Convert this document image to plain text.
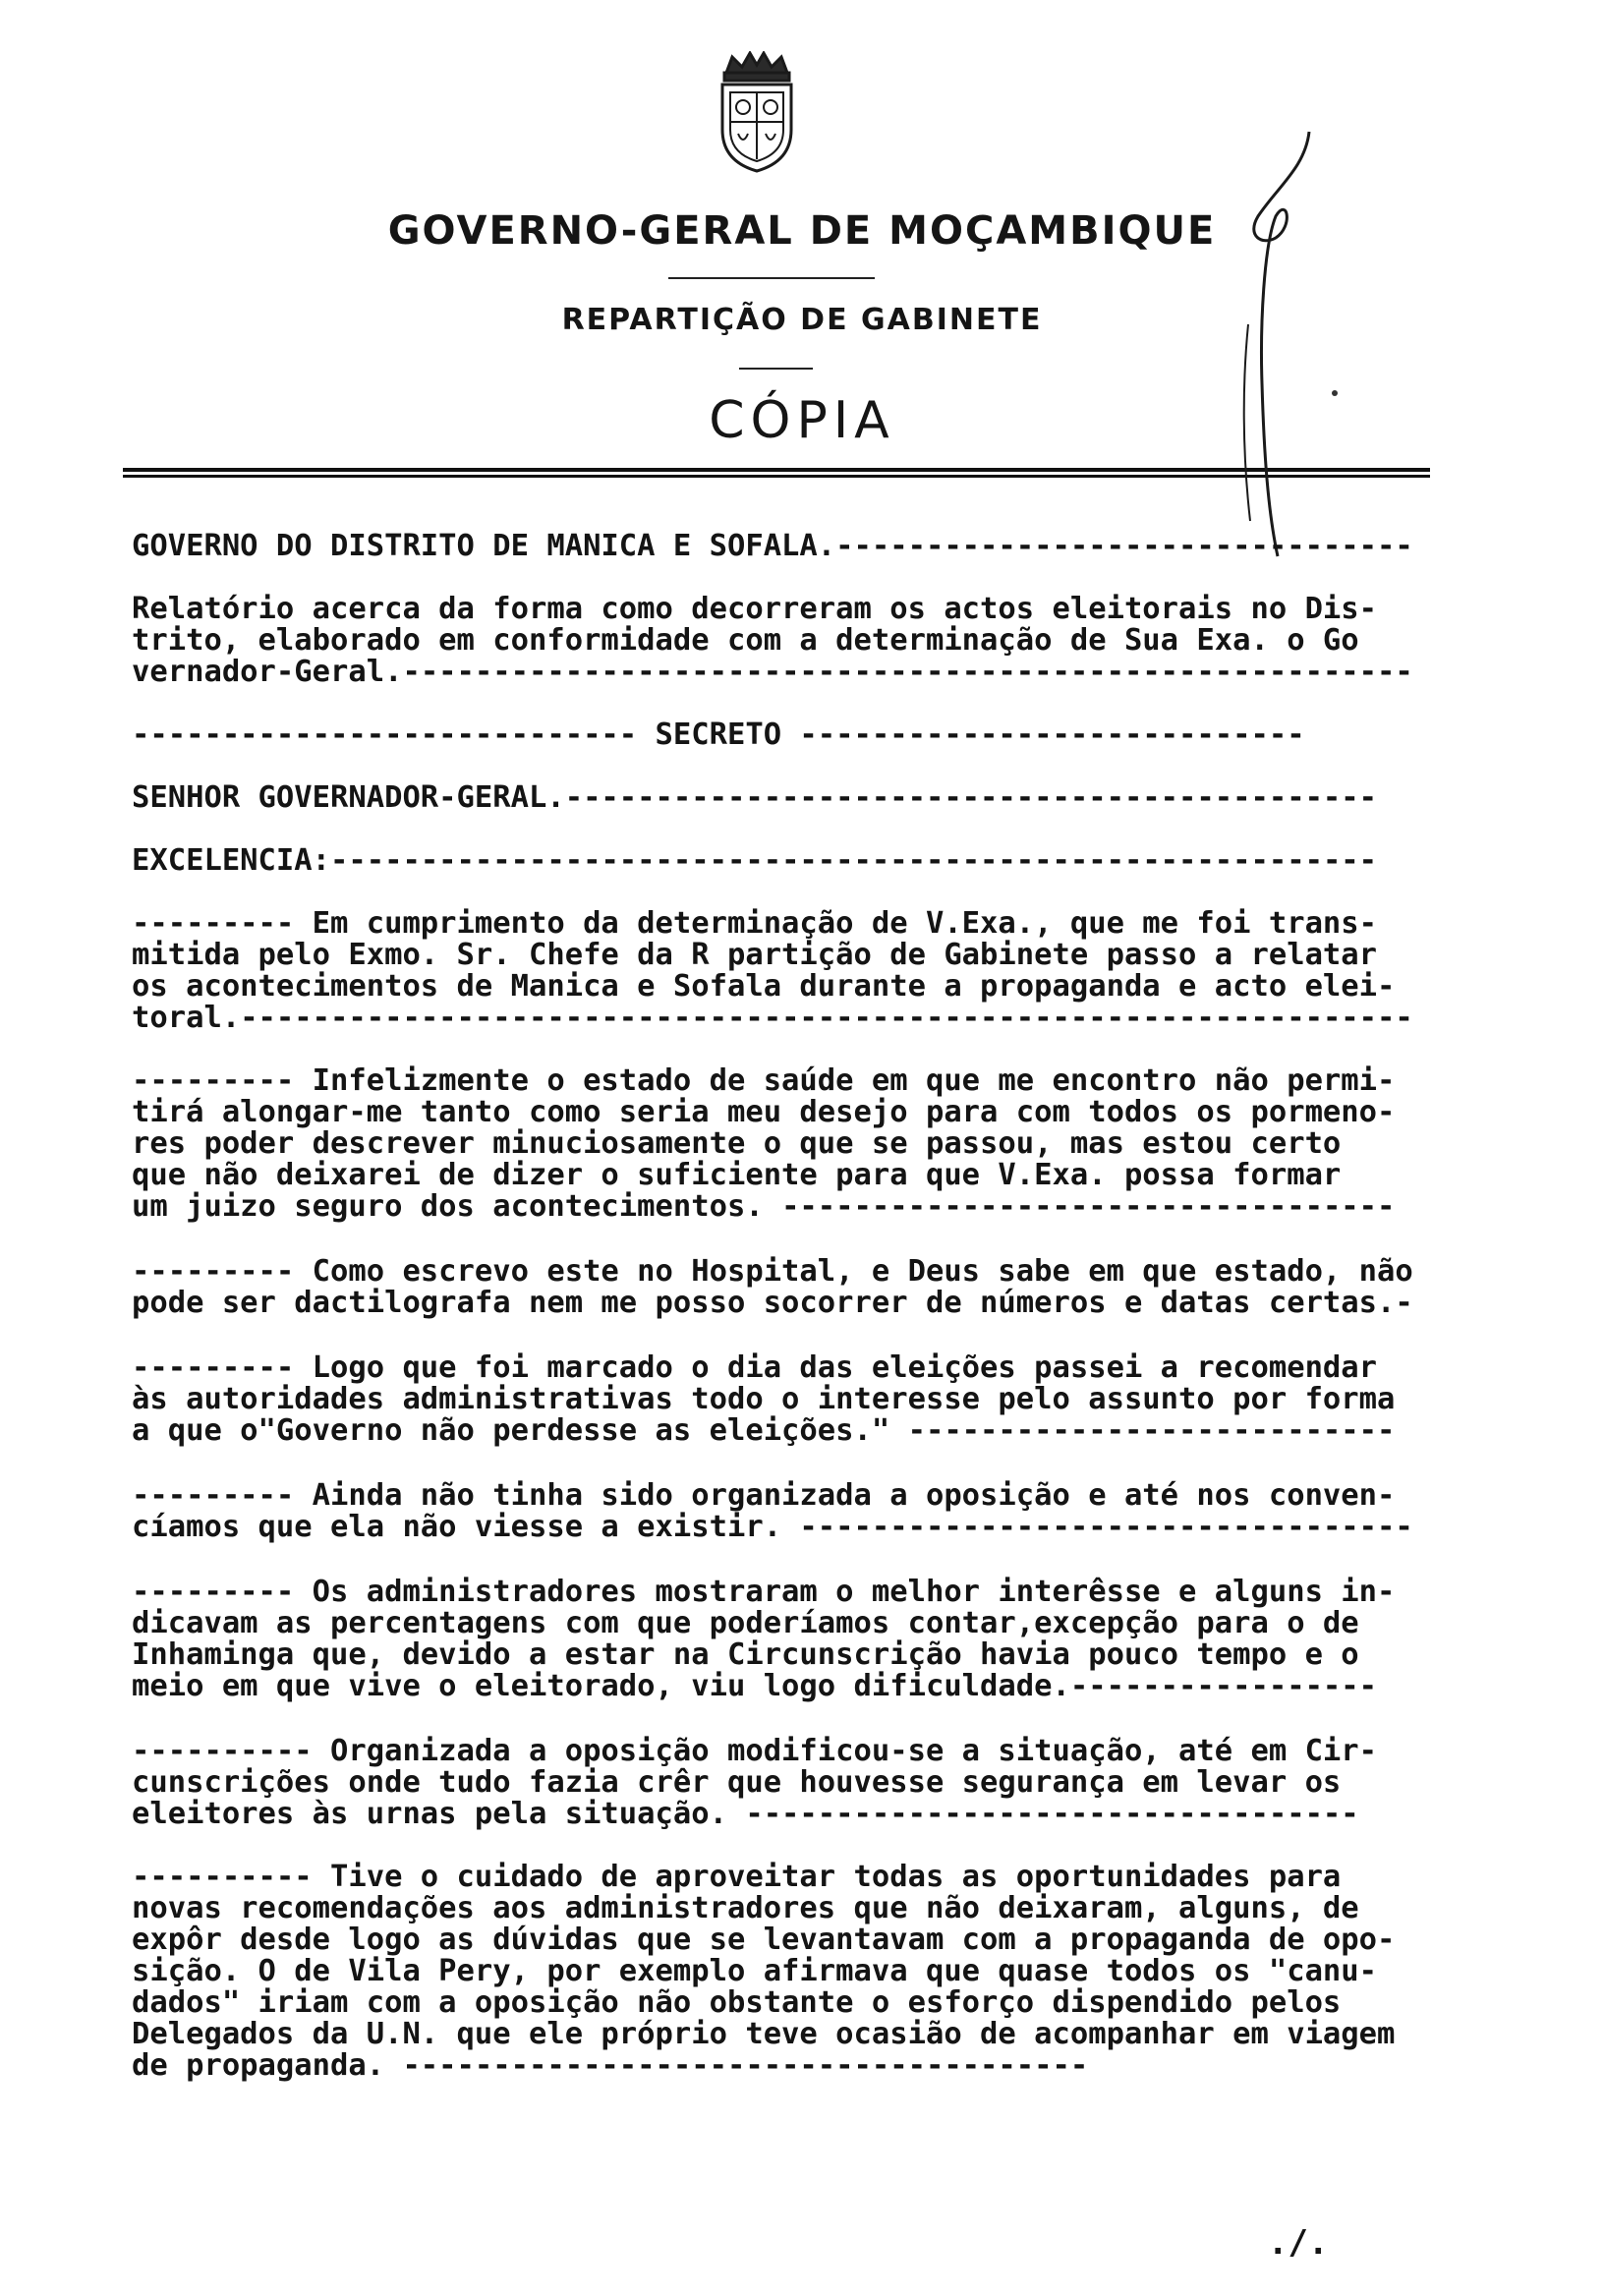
GOVERNO-GERAL DE MOÇAMBIQUE
REPARTIÇÃO DE GABINETE
CÓPIA
GOVERNO DO DISTRITO DE MANICA E SOFALA.--------------------------------
Relatório acerca da forma como decorreram os actos eleitorais no Dis-
trito, elaborado em conformidade com a determinação de Sua Exa. o Go
vernador-Geral.--------------------------------------------------------
---------------------------- SECRETO ----------------------------
SENHOR GOVERNADOR-GERAL.---------------------------------------------
EXCELENCIA:----------------------------------------------------------
--------- Em cumprimento da determinação de V.Exa., que me foi trans-
mitida pelo Exmo. Sr. Chefe da R partição de Gabinete passo a relatar
os acontecimentos de Manica e Sofala durante a propaganda e acto elei-
toral.-----------------------------------------------------------------
--------- Infelizmente o estado de saúde em que me encontro não permi-
tirá alongar-me tanto como seria meu desejo para com todos os pormeno-
res poder descrever minuciosamente o que se passou, mas estou certo
que não deixarei de dizer o suficiente para que V.Exa. possa formar
um juizo seguro dos acontecimentos. ----------------------------------
--------- Como escrevo este no Hospital, e Deus sabe em que estado, não
pode ser dactilografa nem me posso socorrer de números e datas certas.-
--------- Logo que foi marcado o dia das eleições passei a recomendar
às autoridades administrativas todo o interesse pelo assunto por forma
a que o"Governo não perdesse as eleições." ---------------------------
--------- Ainda não tinha sido organizada a oposição e até nos conven-
cíamos que ela não viesse a existir. ----------------------------------
--------- Os administradores mostraram o melhor interêsse e alguns in-
dicavam as percentagens com que poderíamos contar,excepção para o de
Inhaminga que, devido a estar na Circunscrição havia pouco tempo e o
meio em que vive o eleitorado, viu logo dificuldade.-----------------
---------- Organizada a oposição modificou-se a situação, até em Cir-
cunscrições onde tudo fazia crêr que houvesse segurança em levar os
eleitores às urnas pela situação. ----------------------------------
---------- Tive o cuidado de aproveitar todas as oportunidades para
novas recomendações aos administradores que não deixaram, alguns, de
expôr desde logo as dúvidas que se levantavam com a propaganda de opo-
sição. O de Vila Pery, por exemplo afirmava que quase todos os "canu-
dados" iriam com a oposição não obstante o esforço dispendido pelos
Delegados da U.N. que ele próprio teve ocasião de acompanhar em viagem
de propaganda. --------------------------------------
./.
